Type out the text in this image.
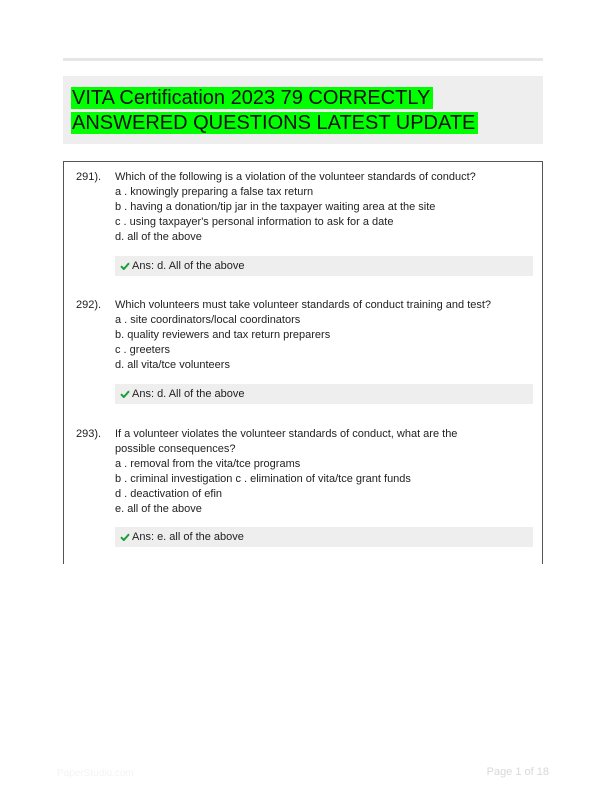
VITA Certification 2023 79 CORRECTLY
ANSWERED QUESTIONS LATEST UPDATE
291). Which of the following is a violation of the volunteer standards of conduct?
a . knowingly preparing a false tax return
b . having a donation/tip jar in the taxpayer waiting area at the site
c . using taxpayer's personal information to ask for a date
d. all of the above
Ans: d. All of the above
292). Which volunteers must take volunteer standards of conduct training and test?
a . site coordinators/local coordinators
b. quality reviewers and tax return preparers
c . greeters
d. all vita/tce volunteers
Ans: d. All of the above
293). If a volunteer violates the volunteer standards of conduct, what are the possible consequences?
a . removal from the vita/tce programs
b . criminal investigation c . elimination of vita/tce grant funds
d . deactivation of efin
e. all of the above
Ans: e. all of the above
PaperStudio.com	Page 1 of 18
